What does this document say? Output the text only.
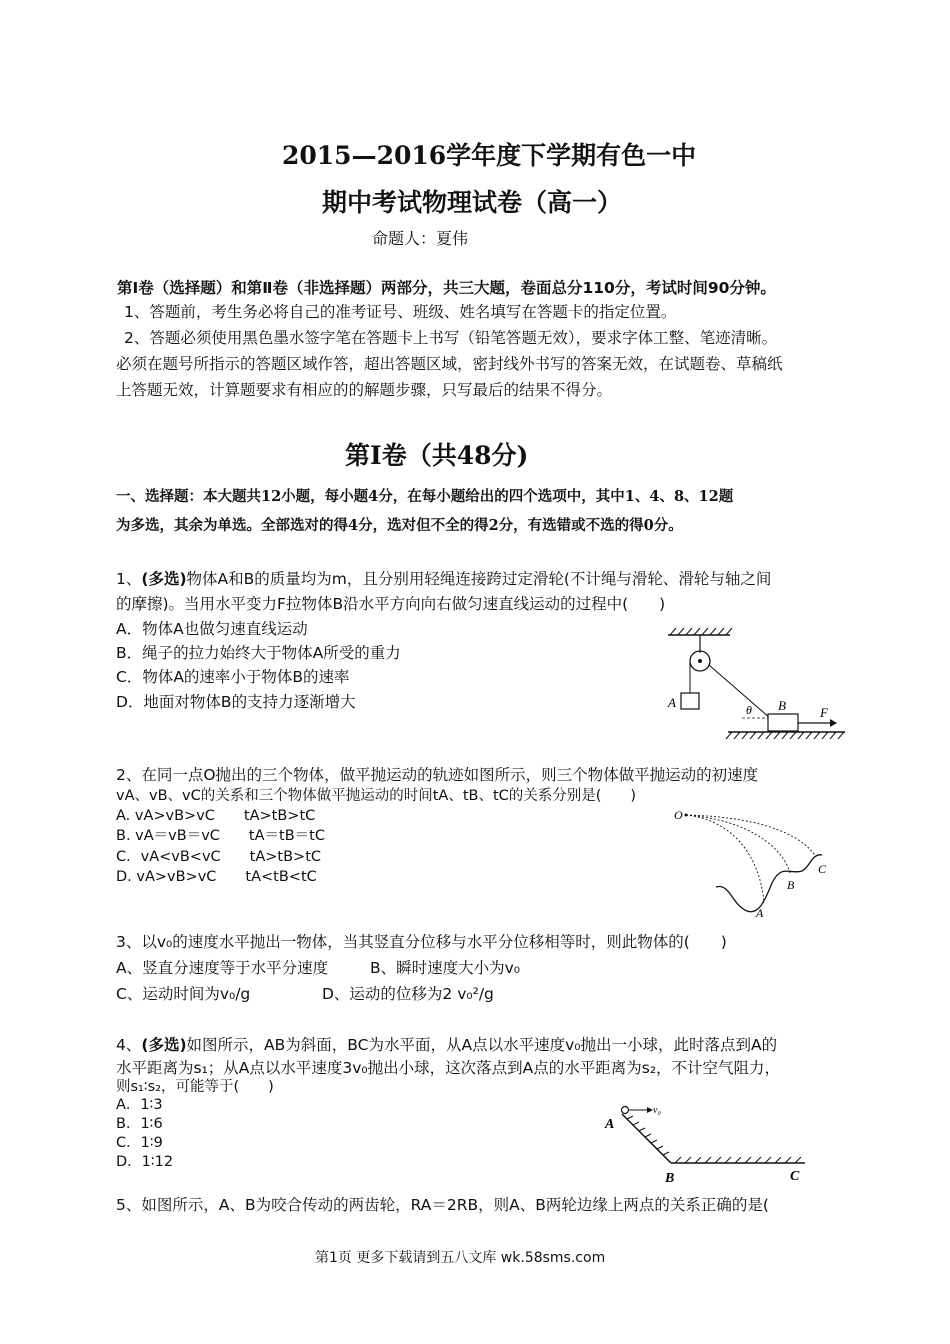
2015—2016学年度下学期有色一中
期中考试物理试卷（高一）
命题人：夏伟
第Ⅰ卷（选择题）和第Ⅱ卷（非选择题）两部分，共三大题，卷面总分110分，考试时间90分钟。
1、答题前，考生务必将自己的准考证号、班级、姓名填写在答题卡的指定位置。
2、答题必须使用黑色墨水签字笔在答题卡上书写（铅笔答题无效），要求字体工整、笔迹清晰。
必须在题号所指示的答题区域作答，超出答题区域，密封线外书写的答案无效，在试题卷、草稿纸
上答题无效，计算题要求有相应的的解题步骤，只写最后的结果不得分。
第Ⅰ卷（共48分)
一、选择题：本大题共12小题，每小题4分，在每小题给出的四个选项中，其中1、4、8、12题
为多选，其余为单选。全部选对的得4分，选对但不全的得2分，有选错或不选的得0分。
1、(多选)物体A和B的质量均为m，且分别用轻绳连接跨过定滑轮(不计绳与滑轮、滑轮与轴之间
的摩擦)。当用水平变力F拉物体B沿水平方向向右做匀速直线运动的过程中(　　)
A．物体A也做匀速直线运动
B．绳子的拉力始终大于物体A所受的重力
C．物体A的速率小于物体B的速率
D．地面对物体B的支持力逐渐增大	A	B
θ	F
2、在同一点O抛出的三个物体，做平抛运动的轨迹如图所示，则三个物体做平抛运动的初速度
vA、vB、vC的关系和三个物体做平抛运动的时间tA、tB、tC的关系分别是(　　)
A. vA>vB>vC　　tA>tB>tC
B. vA＝vB＝vC　　tA＝tB＝tC
C．vA<vB<vC　　tA>tB>tC
D. vA>vB>vC　　tA<tB<tC
O
A
B
C
3、以v₀的速度水平抛出一物体，当其竖直分位移与水平分位移相等时，则此物体的(　　)
A、竖直分速度等于水平分速度	B、瞬时速度大小为v₀
C、运动时间为v₀/g	D、运动的位移为2 v₀²/g
4、(多选)如图所示，AB为斜面，BC为水平面，从A点以水平速度v₀抛出一小球，此时落点到A的
水平距离为s₁；从A点以水平速度3v₀抛出小球，这次落点到A点的水平距离为s₂，不计空气阻力，
则s₁∶s₂，可能等于(　　)
A．1∶3
B．1∶6
C．1∶9
D．1∶12
A
v₀
B	C
5、如图所示，A、B为咬合传动的两齿轮，RA＝2RB，则A、B两轮边缘上两点的关系正确的是(
第1页 更多下载请到五八文库 wk.58sms.com
